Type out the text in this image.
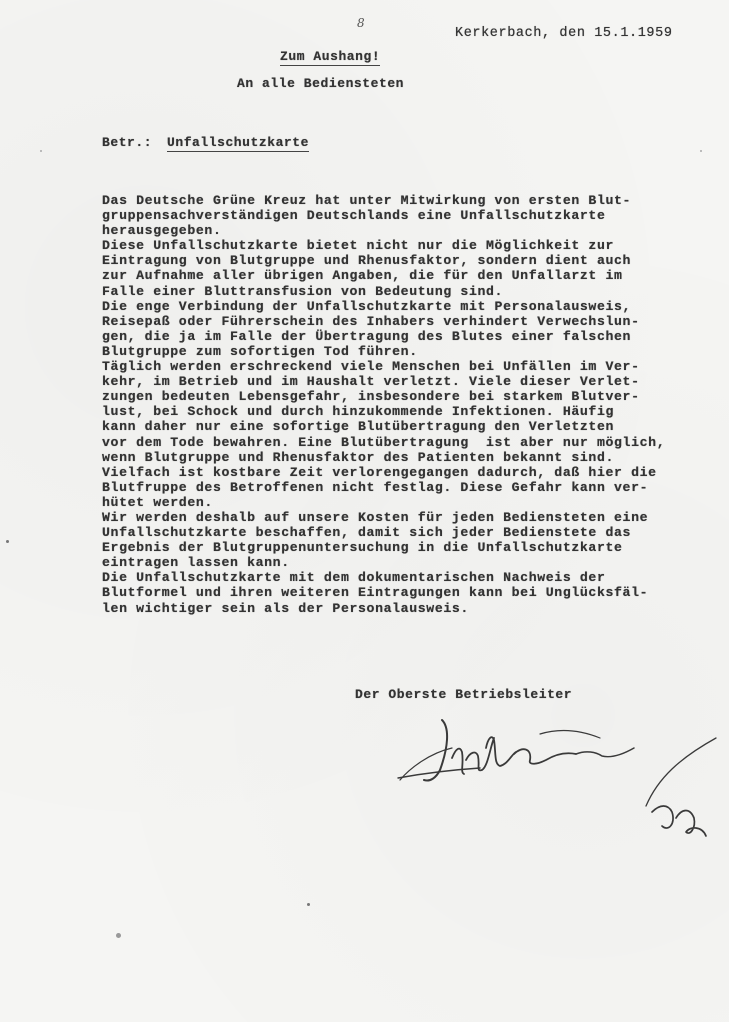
8
Kerkerbach, den 15.1.1959
Zum Aushang!
An alle Bediensteten
Betr.: Unfallschutzkarte
Das Deutsche Grüne Kreuz hat unter Mitwirkung von ersten Blut-
gruppensachverständigen Deutschlands eine Unfallschutzkarte
herausgegeben.
Diese Unfallschutzkarte bietet nicht nur die Möglichkeit zur
Eintragung von Blutgruppe und Rhenusfaktor, sondern dient auch
zur Aufnahme aller übrigen Angaben, die für den Unfallarzt im
Falle einer Bluttransfusion von Bedeutung sind.
Die enge Verbindung der Unfallschutzkarte mit Personalausweis,
Reisepaß oder Führerschein des Inhabers verhindert Verwechslun-
gen, die ja im Falle der Übertragung des Blutes einer falschen
Blutgruppe zum sofortigen Tod führen.
Täglich werden erschreckend viele Menschen bei Unfällen im Ver-
kehr, im Betrieb und im Haushalt verletzt. Viele dieser Verlet-
zungen bedeuten Lebensgefahr, insbesondere bei starkem Blutver-
lust, bei Schock und durch hinzukommende Infektionen. Häufig
kann daher nur eine sofortige Blutübertragung den Verletzten
vor dem Tode bewahren. Eine Blutübertragung  ist aber nur möglich,
wenn Blutgruppe und Rhenusfaktor des Patienten bekannt sind.
Vielfach ist kostbare Zeit verlorengegangen dadurch, daß hier die
Blutfruppe des Betroffenen nicht festlag. Diese Gefahr kann ver-
hütet werden.
Wir werden deshalb auf unsere Kosten für jeden Bediensteten eine
Unfallschutzkarte beschaffen, damit sich jeder Bedienstete das
Ergebnis der Blutgruppenuntersuchung in die Unfallschutzkarte
eintragen lassen kann.
Die Unfallschutzkarte mit dem dokumentarischen Nachweis der
Blutformel und ihren weiteren Eintragungen kann bei Unglücksfäl-
len wichtiger sein als der Personalausweis.
Der Oberste Betriebsleiter
